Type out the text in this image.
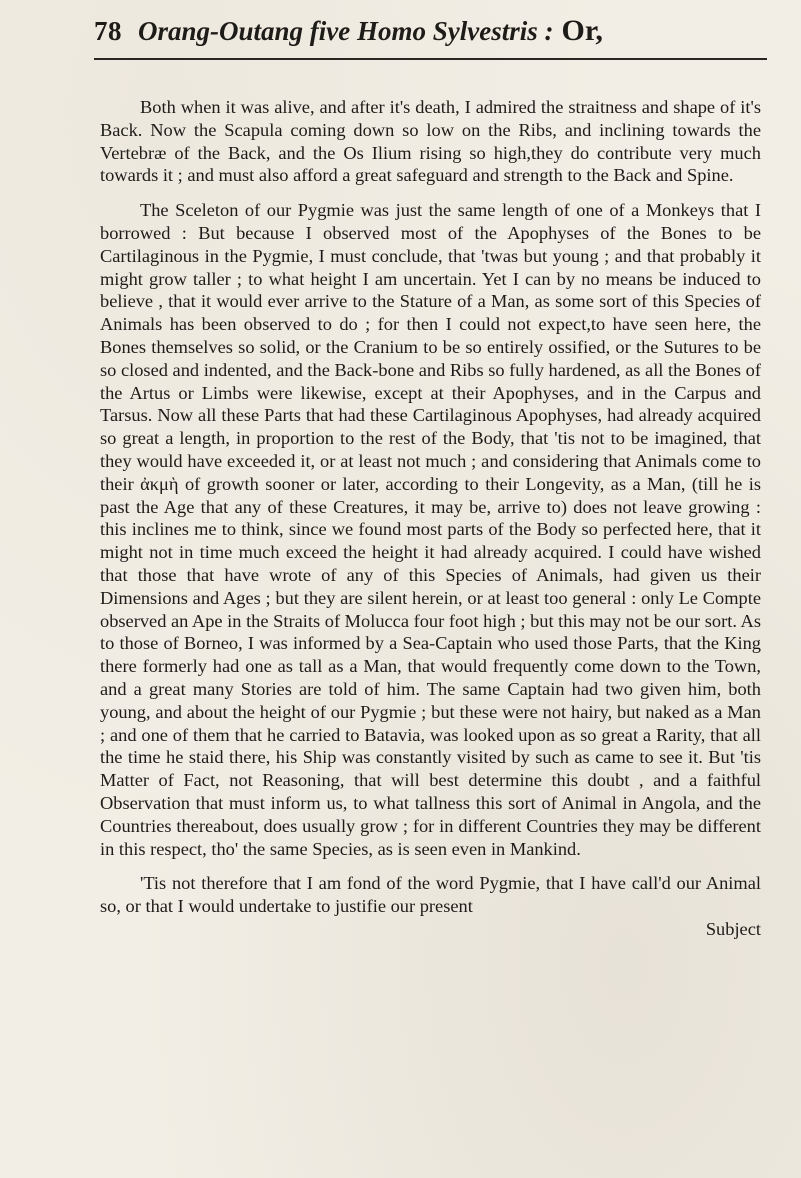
78 Orang-Outang five Homo Sylvestris : Or,

Both when it was alive, and after it's death, I admired the straitness and shape of it's Back. Now the Scapula coming down so low on the Ribs, and inclining towards the Vertebræ of the Back, and the Os Ilium rising so high,they do contribute very much towards it ; and must also afford a great safeguard and strength to the Back and Spine.

The Sceleton of our Pygmie was just the same length of one of a Monkeys that I borrowed : But because I observed most of the Apophyses of the Bones to be Cartilaginous in the Pygmie, I must conclude, that 'twas but young ; and that probably it might grow taller ; to what height I am uncertain. Yet I can by no means be induced to believe , that it would ever arrive to the Stature of a Man, as some sort of this Species of Animals has been observed to do ; for then I could not expect,to have seen here, the Bones themselves so solid, or the Cranium to be so entirely ossified, or the Sutures to be so closed and indented, and the Back-bone and Ribs so fully hardened, as all the Bones of the Artus or Limbs were likewise, except at their Apophyses, and in the Carpus and Tarsus. Now all these Parts that had these Cartilaginous Apophyses, had already acquired so great a length, in proportion to the rest of the Body, that 'tis not to be imagined, that they would have exceeded it, or at least not much ; and considering that Animals come to their ἀκμὴ of growth sooner or later, according to their Longevity, as a Man, (till he is past the Age that any of these Creatures, it may be, arrive to) does not leave growing : this inclines me to think, since we found most parts of the Body so perfected here, that it might not in time much exceed the height it had already acquired. I could have wished that those that have wrote of any of this Species of Animals, had given us their Dimensions and Ages ; but they are silent herein, or at least too general : only Le Compte observed an Ape in the Straits of Molucca four foot high ; but this may not be our sort. As to those of Borneo, I was informed by a Sea-Captain who used those Parts, that the King there formerly had one as tall as a Man, that would frequently come down to the Town, and a great many Stories are told of him. The same Captain had two given him, both young, and about the height of our Pygmie ; but these were not hairy, but naked as a Man ; and one of them that he carried to Batavia, was looked upon as so great a Rarity, that all the time he staid there, his Ship was constantly visited by such as came to see it. But 'tis Matter of Fact, not Reasoning, that will best determine this doubt , and a faithful Observation that must inform us, to what tallness this sort of Animal in Angola, and the Countries thereabout, does usually grow ; for in different Countries they may be different in this respect, tho' the same Species, as is seen even in Mankind.

'Tis not therefore that I am fond of the word Pygmie, that I have call'd our Animal so, or that I would undertake to justifie our present

Subject
